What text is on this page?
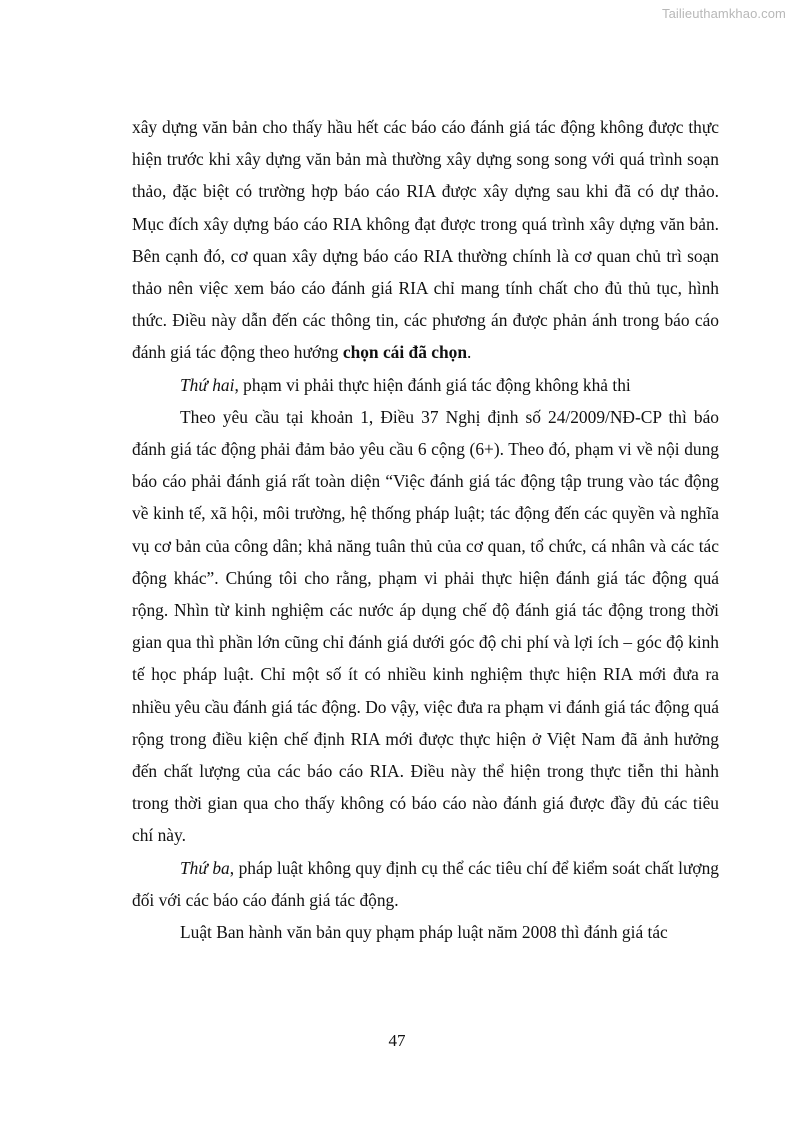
Tailieuthamkhao.com

xây dựng văn bản cho thấy hầu hết các báo cáo đánh giá tác động không được thực hiện trước khi xây dựng văn bản mà thường xây dựng song song với quá trình soạn thảo, đặc biệt có trường hợp báo cáo RIA được xây dựng sau khi đã có dự thảo. Mục đích xây dựng báo cáo RIA không đạt được trong quá trình xây dựng văn bản. Bên cạnh đó, cơ quan xây dựng báo cáo RIA thường chính là cơ quan chủ trì soạn thảo nên việc xem báo cáo đánh giá RIA chỉ mang tính chất cho đủ thủ tục, hình thức. Điều này dẫn đến các thông tin, các phương án được phản ánh trong báo cáo đánh giá tác động theo hướng chọn cái đã chọn.

Thứ hai, phạm vi phải thực hiện đánh giá tác động không khả thi

Theo yêu cầu tại khoản 1, Điều 37 Nghị định số 24/2009/NĐ-CP thì báo đánh giá tác động phải đảm bảo yêu cầu 6 cộng (6+). Theo đó, phạm vi về nội dung báo cáo phải đánh giá rất toàn diện “Việc đánh giá tác động tập trung vào tác động về kinh tế, xã hội, môi trường, hệ thống pháp luật; tác động đến các quyền và nghĩa vụ cơ bản của công dân; khả năng tuân thủ của cơ quan, tổ chức, cá nhân và các tác động khác”. Chúng tôi cho rằng, phạm vi phải thực hiện đánh giá tác động quá rộng. Nhìn từ kinh nghiệm các nước áp dụng chế độ đánh giá tác động trong thời gian qua thì phần lớn cũng chỉ đánh giá dưới góc độ chi phí và lợi ích – góc độ kinh tế học pháp luật. Chỉ một số ít có nhiều kinh nghiệm thực hiện RIA mới đưa ra nhiều yêu cầu đánh giá tác động. Do vậy, việc đưa ra phạm vi đánh giá tác động quá rộng trong điều kiện chế định RIA mới được thực hiện ở Việt Nam đã ảnh hưởng đến chất lượng của các báo cáo RIA. Điều này thể hiện trong thực tiễn thi hành trong thời gian qua cho thấy không có báo cáo nào đánh giá được đầy đủ các tiêu chí này.

Thứ ba, pháp luật không quy định cụ thể các tiêu chí để kiểm soát chất lượng đối với các báo cáo đánh giá tác động.

Luật Ban hành văn bản quy phạm pháp luật năm 2008 thì đánh giá tác

47
